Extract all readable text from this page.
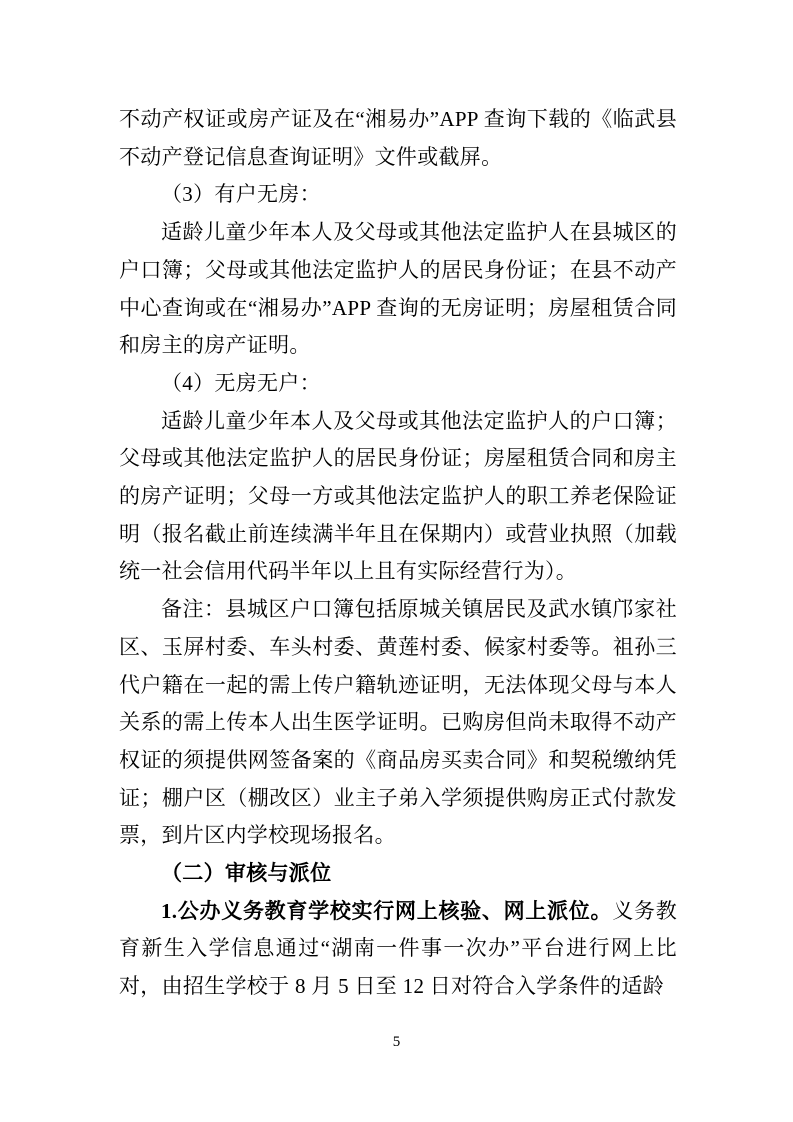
不动产权证或房产证及在“湘易办”APP 查询下载的《临武县不动产登记信息查询证明》文件或截屏。

（3）有户无房：

适龄儿童少年本人及父母或其他法定监护人在县城区的户口簿；父母或其他法定监护人的居民身份证；在县不动产中心查询或在“湘易办”APP 查询的无房证明；房屋租赁合同和房主的房产证明。

（4）无房无户：

适龄儿童少年本人及父母或其他法定监护人的户口簿；父母或其他法定监护人的居民身份证；房屋租赁合同和房主的房产证明；父母一方或其他法定监护人的职工养老保险证明（报名截止前连续满半年且在保期内）或营业执照（加载统一社会信用代码半年以上且有实际经营行为）。

备注：县城区户口簿包括原城关镇居民及武水镇邝家社区、玉屏村委、车头村委、黄莲村委、候家村委等。祖孙三代户籍在一起的需上传户籍轨迹证明，无法体现父母与本人关系的需上传本人出生医学证明。已购房但尚未取得不动产权证的须提供网签备案的《商品房买卖合同》和契税缴纳凭证；棚户区（棚改区）业主子弟入学须提供购房正式付款发票，到片区内学校现场报名。

（二）审核与派位

1.公办义务教育学校实行网上核验、网上派位。义务教育新生入学信息通过“湖南一件事一次办”平台进行网上比对，由招生学校于 8 月 5 日至 12 日对符合入学条件的适龄

5
